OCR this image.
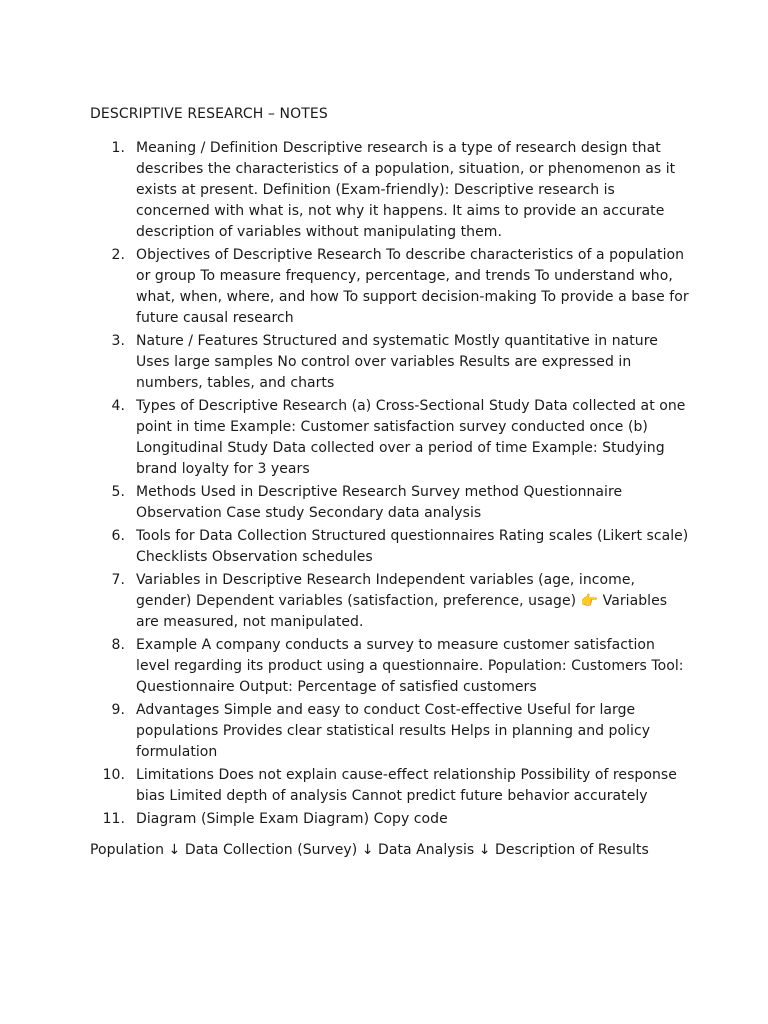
DESCRIPTIVE RESEARCH – NOTES
1. Meaning / Definition Descriptive research is a type of research design that describes the characteristics of a population, situation, or phenomenon as it exists at present. Definition (Exam-friendly): Descriptive research is concerned with what is, not why it happens. It aims to provide an accurate description of variables without manipulating them.
2. Objectives of Descriptive Research To describe characteristics of a population or group To measure frequency, percentage, and trends To understand who, what, when, where, and how To support decision-making To provide a base for future causal research
3. Nature / Features Structured and systematic Mostly quantitative in nature Uses large samples No control over variables Results are expressed in numbers, tables, and charts
4. Types of Descriptive Research (a) Cross-Sectional Study Data collected at one point in time Example: Customer satisfaction survey conducted once (b) Longitudinal Study Data collected over a period of time Example: Studying brand loyalty for 3 years
5. Methods Used in Descriptive Research Survey method Questionnaire Observation Case study Secondary data analysis
6. Tools for Data Collection Structured questionnaires Rating scales (Likert scale) Checklists Observation schedules
7. Variables in Descriptive Research Independent variables (age, income, gender) Dependent variables (satisfaction, preference, usage) 👉 Variables are measured, not manipulated.
8. Example A company conducts a survey to measure customer satisfaction level regarding its product using a questionnaire. Population: Customers Tool: Questionnaire Output: Percentage of satisfied customers
9. Advantages Simple and easy to conduct Cost-effective Useful for large populations Provides clear statistical results Helps in planning and policy formulation
10. Limitations Does not explain cause-effect relationship Possibility of response bias Limited depth of analysis Cannot predict future behavior accurately
11. Diagram (Simple Exam Diagram) Copy code

Population ↓ Data Collection (Survey) ↓ Data Analysis ↓ Description of Results
